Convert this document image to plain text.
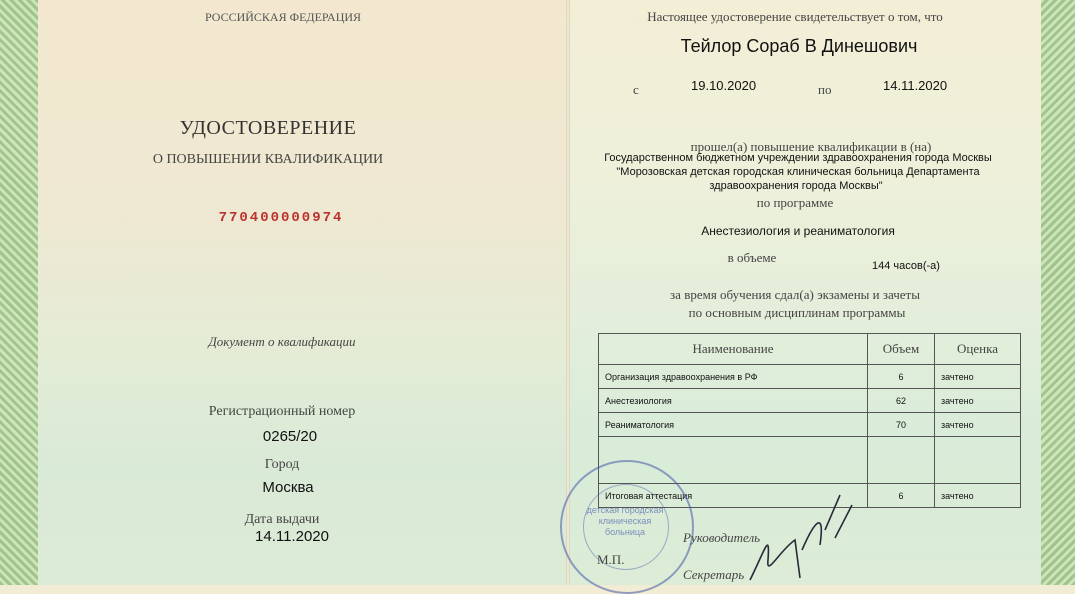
РОССИЙСКАЯ ФЕДЕРАЦИЯ
УДОСТОВЕРЕНИЕ
О ПОВЫШЕНИИ КВАЛИФИКАЦИИ
770400000974
Документ о квалификации
Регистрационный номер
0265/20
Город
Москва
Дата выдачи
14.11.2020
Настоящее удостоверение свидетельствует о том, что
Тейлор Сораб В Динешович
с	19.10.2020	по	14.11.2020
прошел(а) повышение квалификации в (на)
Государственном бюджетном учреждении здравоохранения города Москвы
"Морозовская детская городская клиническая больница Департамента
здравоохранения города Москвы"
по программе
Анестезиология и реаниматология
в объеме
144 часов(-а)
за время обучения сдал(а) экзамены и зачеты
по основным дисциплинам программы
Наименование	Объем	Оценка
Организация здравоохранения в РФ	6	зачтено
Анестезиология	62	зачтено
Реаниматология	70	зачтено

Итоговая аттестация	6	зачтено
детская городская
клиническая
больница	Руководитель
М.П.
Секретарь
